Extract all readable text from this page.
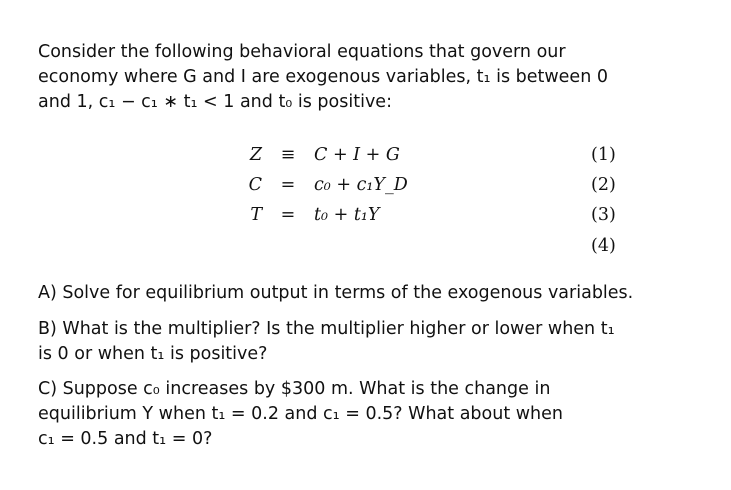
Consider the following behavioral equations that govern our
economy where G and I are exogenous variables, t₁ is between 0
and 1, c₁ − c₁ ∗ t₁ < 1 and t₀ is positive:
Z ≡ C + I + G	(1)
C = c₀ + c₁Y_D	(2)
T = t₀ + t₁Y	(3)
(4)
A) Solve for equilibrium output in terms of the exogenous variables.
B) What is the multiplier? Is the multiplier higher or lower when t₁
is 0 or when t₁ is positive?
C) Suppose c₀ increases by $300 m. What is the change in
equilibrium Y when t₁ = 0.2 and c₁ = 0.5? What about when
c₁ = 0.5 and t₁ = 0?
